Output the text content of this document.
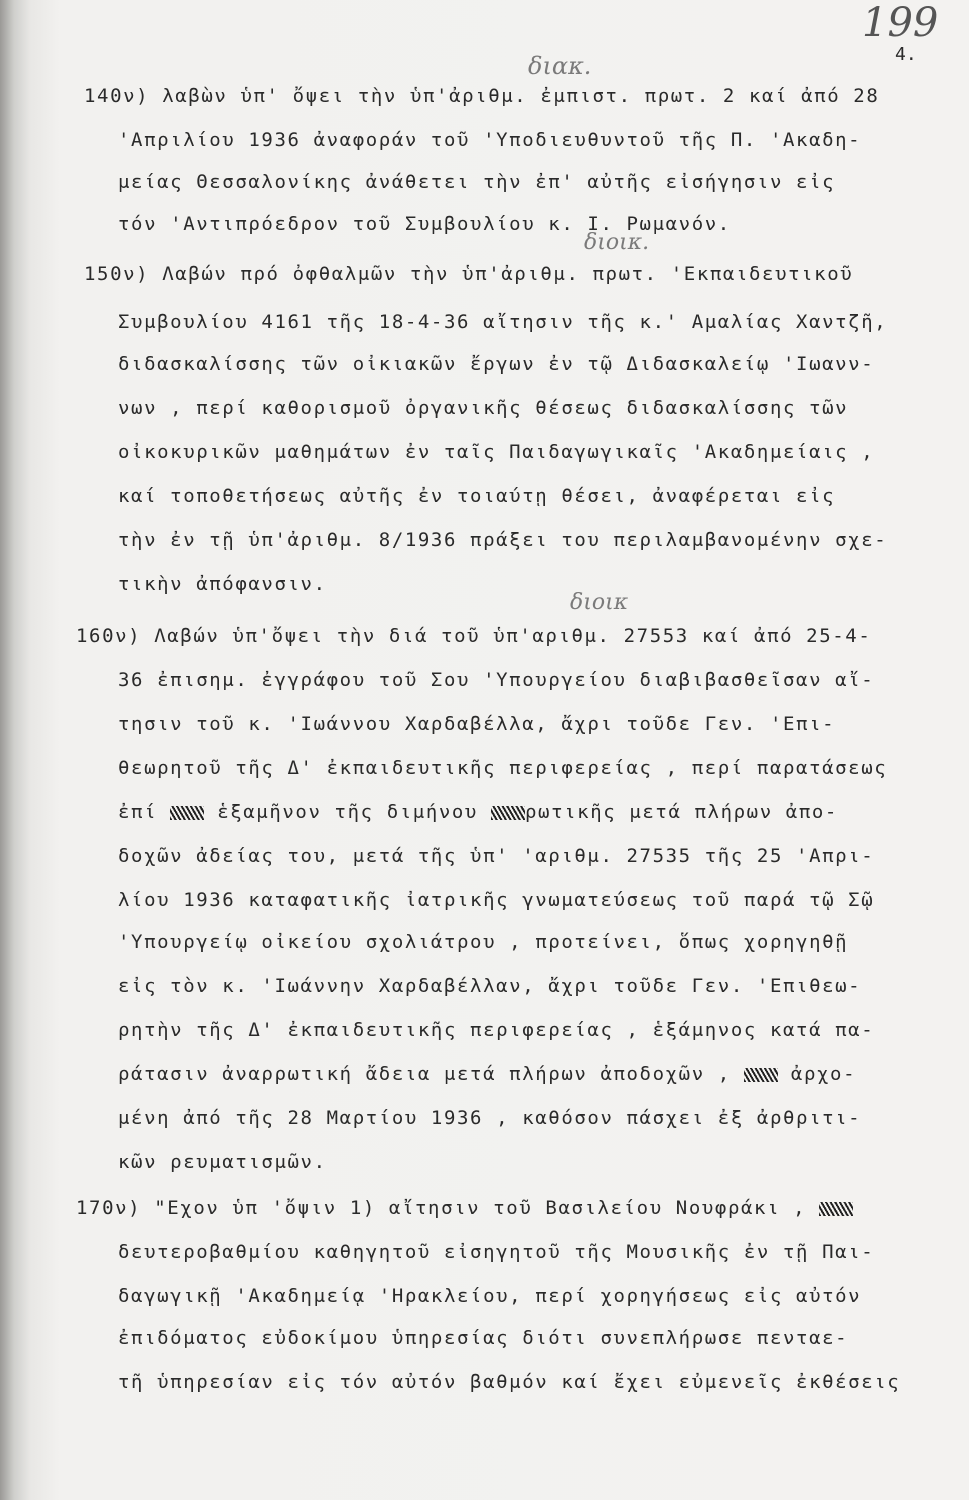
199
4.
διακ.
διοικ.
διοικ
140ν) λαβὼν ὑπ' ὄψει τὴν ὑπ'ἀριθμ. ἐμπιστ. πρωτ. 2 καί ἀπό 28
'Απριλίου 1936 ἀναφοράν τοῦ 'Υποδιευθυντοῦ τῆς Π. 'Ακαδη-
μείας Θεσσαλονίκης ἀνάθετει τὴν ἐπ' αὐτῆς εἰσήγησιν εἰς
τόν 'Αντιπρόεδρον τοῦ Συμβουλίου κ. Ι. Ρωμανόν.
150ν) Λαβών πρό ὀφθαλμῶν τὴν ὑπ'ἀριθμ. πρωτ. 'Εκπαιδευτικοῦ
Συμβουλίου 4161 τῆς 18-4-36 αἴτησιν τῆς κ.' Αμαλίας Χαντζῆ,
διδασκαλίσσης τῶν οἰκιακῶν ἔργων ἐν τῷ Διδασκαλείῳ 'Ιωανν-
νων , περί καθορισμοῦ ὀργανικῆς θέσεως διδασκαλίσσης τῶν
οἰκοκυρικῶν μαθημάτων ἐν ταῖς Παιδαγωγικαῖς 'Ακαδημείαις ,
καί τοποθετήσεως αὐτῆς ἐν τοιαύτῃ θέσει, ἀναφέρεται εἰς
τὴν ἐν τῇ ὑπ'ἀριθμ. 8/1936 πράξει του περιλαμβανομένην σχε-
τικὴν ἀπόφανσιν.
160ν) Λαβών ὑπ'ὄψει τὴν διά τοῦ ὑπ'αριθμ. 27553 καί ἀπό 25-4-
36 ἐπισημ. ἐγγράφου τοῦ Σου 'Υπουργείου διαβιβασθεῖσαν αἴ-
τησιν τοῦ κ. 'Ιωάννου Χαρδαβέλλα, ἄχρι τοῦδε Γεν. 'Επι-
θεωρητοῦ τῆς Δ' ἐκπαιδευτικῆς περιφερείας , περί παρατάσεως
ἐπί  ἑξαμῆνον τῆς διμήνου ρωτικῆς μετά πλήρων ἀπο-
δοχῶν ἀδείας του, μετά τῆς ὑπ' 'αριθμ. 27535 τῆς 25 'Απρι-
λίου 1936 καταφατικῆς ἰατρικῆς γνωματεύσεως τοῦ παρά τῷ Σῷ
'Υπουργείῳ οἰκείου σχολιάτρου , προτείνει, ὅπως χορηγηθῇ
εἰς τὸν κ. 'Ιωάννην Χαρδαβέλλαν, ἄχρι τοῦδε Γεν. 'Επιθεω-
ρητὴν τῆς Δ' ἐκπαιδευτικῆς περιφερείας , ἑξάμηνος κατά πα-
ράτασιν ἀναρρωτική ἄδεια μετά πλήρων ἀποδοχῶν ,  ἀρχο-
μένη ἀπό τῆς 28 Μαρτίου 1936 , καθόσον πάσχει ἐξ ἀρθριτι-
κῶν ρευματισμῶν.
170ν) "Εχον ὑπ 'ὄψιν 1) αἴτησιν τοῦ Βασιλείου Νουφράκι ,
δευτεροβαθμίου καθηγητοῦ εἰσηγητοῦ τῆς Μουσικῆς ἐν τῇ Παι-
δαγωγικῇ 'Ακαδημείᾳ 'Ηρακλείου, περί χορηγήσεως εἰς αὐτόν
ἐπιδόματος εὐδοκίμου ὑπηρεσίας διότι συνεπλήρωσε πενταε-
τῆ ὑπηρεσίαν εἰς τόν αὐτόν βαθμόν καί ἔχει εὐμενεῖς ἐκθέσεις
